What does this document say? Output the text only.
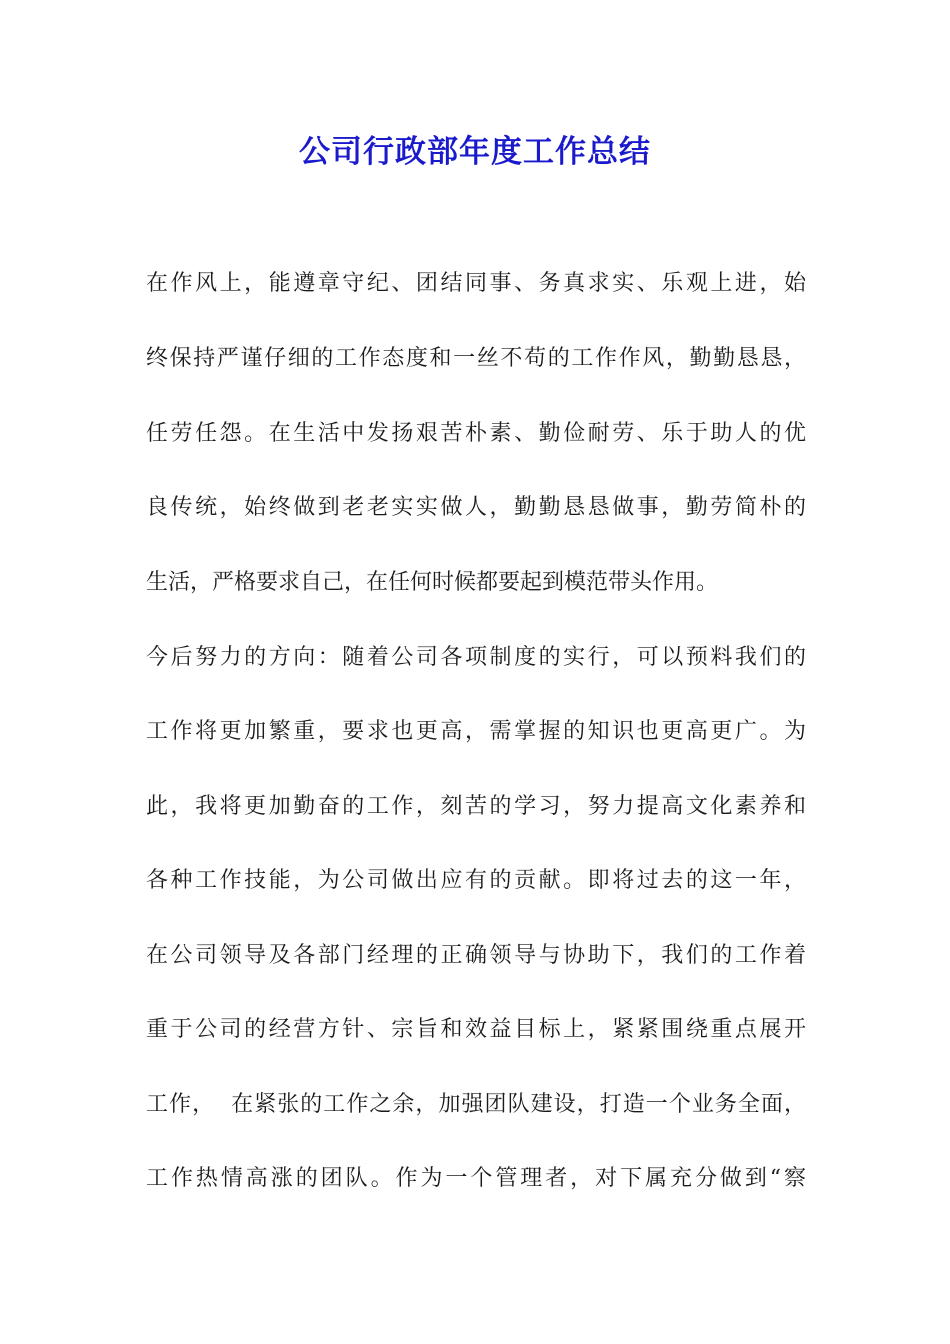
公司行政部年度工作总结

在作风上，能遵章守纪、团结同事、务真求实、乐观上进，始

终保持严谨仔细的工作态度和一丝不苟的工作作风，勤勤恳恳，

任劳任怨。在生活中发扬艰苦朴素、勤俭耐劳、乐于助人的优

良传统，始终做到老老实实做人，勤勤恳恳做事，勤劳简朴的

生活，严格要求自己，在任何时候都要起到模范带头作用。

今后努力的方向：随着公司各项制度的实行，可以预料我们的

工作将更加繁重，要求也更高，需掌握的知识也更高更广。为

此，我将更加勤奋的工作，刻苦的学习，努力提高文化素养和

各种工作技能，为公司做出应有的贡献。即将过去的这一年，

在公司领导及各部门经理的正确领导与协助下，我们的工作着

重于公司的经营方针、宗旨和效益目标上，紧紧围绕重点展开

工作，  在紧张的工作之余，加强团队建设，打造一个业务全面，

工作热情高涨的团队。作为一个管理者，对下属充分做到“察
